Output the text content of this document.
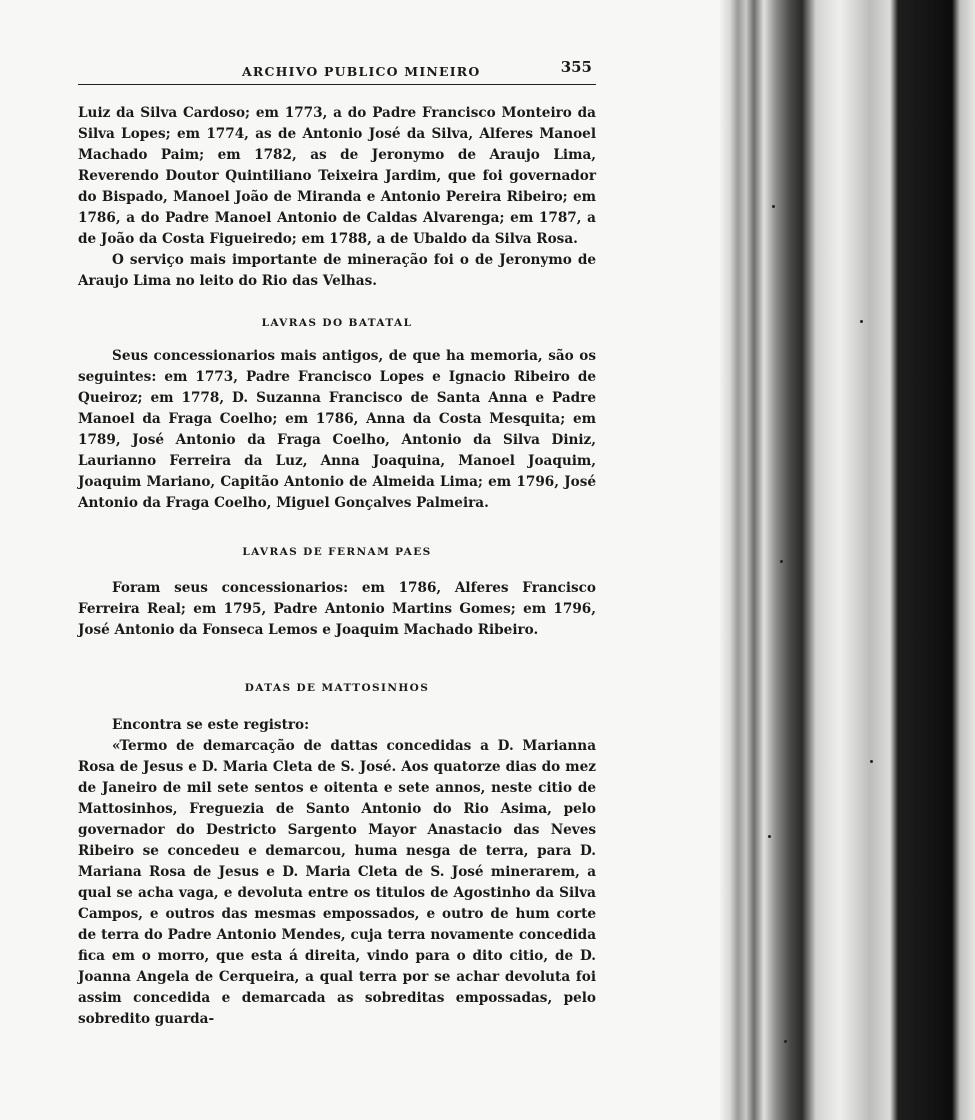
ARCHIVO PUBLICO MINEIRO	355

Luiz da Silva Cardoso; em 1773, a do Padre Francisco Monteiro da Silva Lopes; em 1774, as de Antonio José da Silva, Alferes Manoel Machado Paim; em 1782, as de Jeronymo de Araujo Lima, Reverendo Doutor Quintiliano Teixeira Jardim, que foi governador do Bispado, Manoel João de Miranda e Antonio Pereira Ribeiro; em 1786, a do Padre Manoel Antonio de Caldas Alvarenga; em 1787, a de João da Costa Figueiredo; em 1788, a de Ubaldo da Silva Rosa.

O serviço mais importante de mineração foi o de Jeronymo de Araujo Lima no leito do Rio das Velhas.

LAVRAS DO BATATAL

Seus concessionarios mais antigos, de que ha memoria, são os seguintes: em 1773, Padre Francisco Lopes e Ignacio Ribeiro de Queiroz; em 1778, D. Suzanna Francisco de Santa Anna e Padre Manoel da Fraga Coelho; em 1786, Anna da Costa Mesquita; em 1789, José Antonio da Fraga Coelho, Antonio da Silva Diniz, Laurianno Ferreira da Luz, Anna Joaquina, Manoel Joaquim, Joaquim Mariano, Capitão Antonio de Almeida Lima; em 1796, José Antonio da Fraga Coelho, Miguel Gonçalves Palmeira.

LAVRAS DE FERNAM PAES

Foram seus concessionarios: em 1786, Alferes Francisco Ferreira Real; em 1795, Padre Antonio Martins Gomes; em 1796, José Antonio da Fonseca Lemos e Joaquim Machado Ribeiro.

DATAS DE MATTOSINHOS

Encontra se este registro:

«Termo de demarcação de dattas concedidas a D. Marianna Rosa de Jesus e D. Maria Cleta de S. José. Aos quatorze dias do mez de Janeiro de mil sete sentos e oitenta e sete annos, neste citio de Mattosinhos, Freguezia de Santo Antonio do Rio Asima, pelo governador do Destricto Sargento Mayor Anastacio das Neves Ribeiro se concedeu e demarcou, huma nesga de terra, para D. Mariana Rosa de Jesus e D. Maria Cleta de S. José minerarem, a qual se acha vaga, e devoluta entre os titulos de Agostinho da Silva Campos, e outros das mesmas empossados, e outro de hum corte de terra do Padre Antonio Mendes, cuja terra novamente concedida fica em o morro, que esta á direita, vindo para o dito citio, de D. Joanna Angela de Cerqueira, a qual terra por se achar devoluta foi assim concedida e demarcada as sobreditas empossadas, pelo sobredito guarda-
